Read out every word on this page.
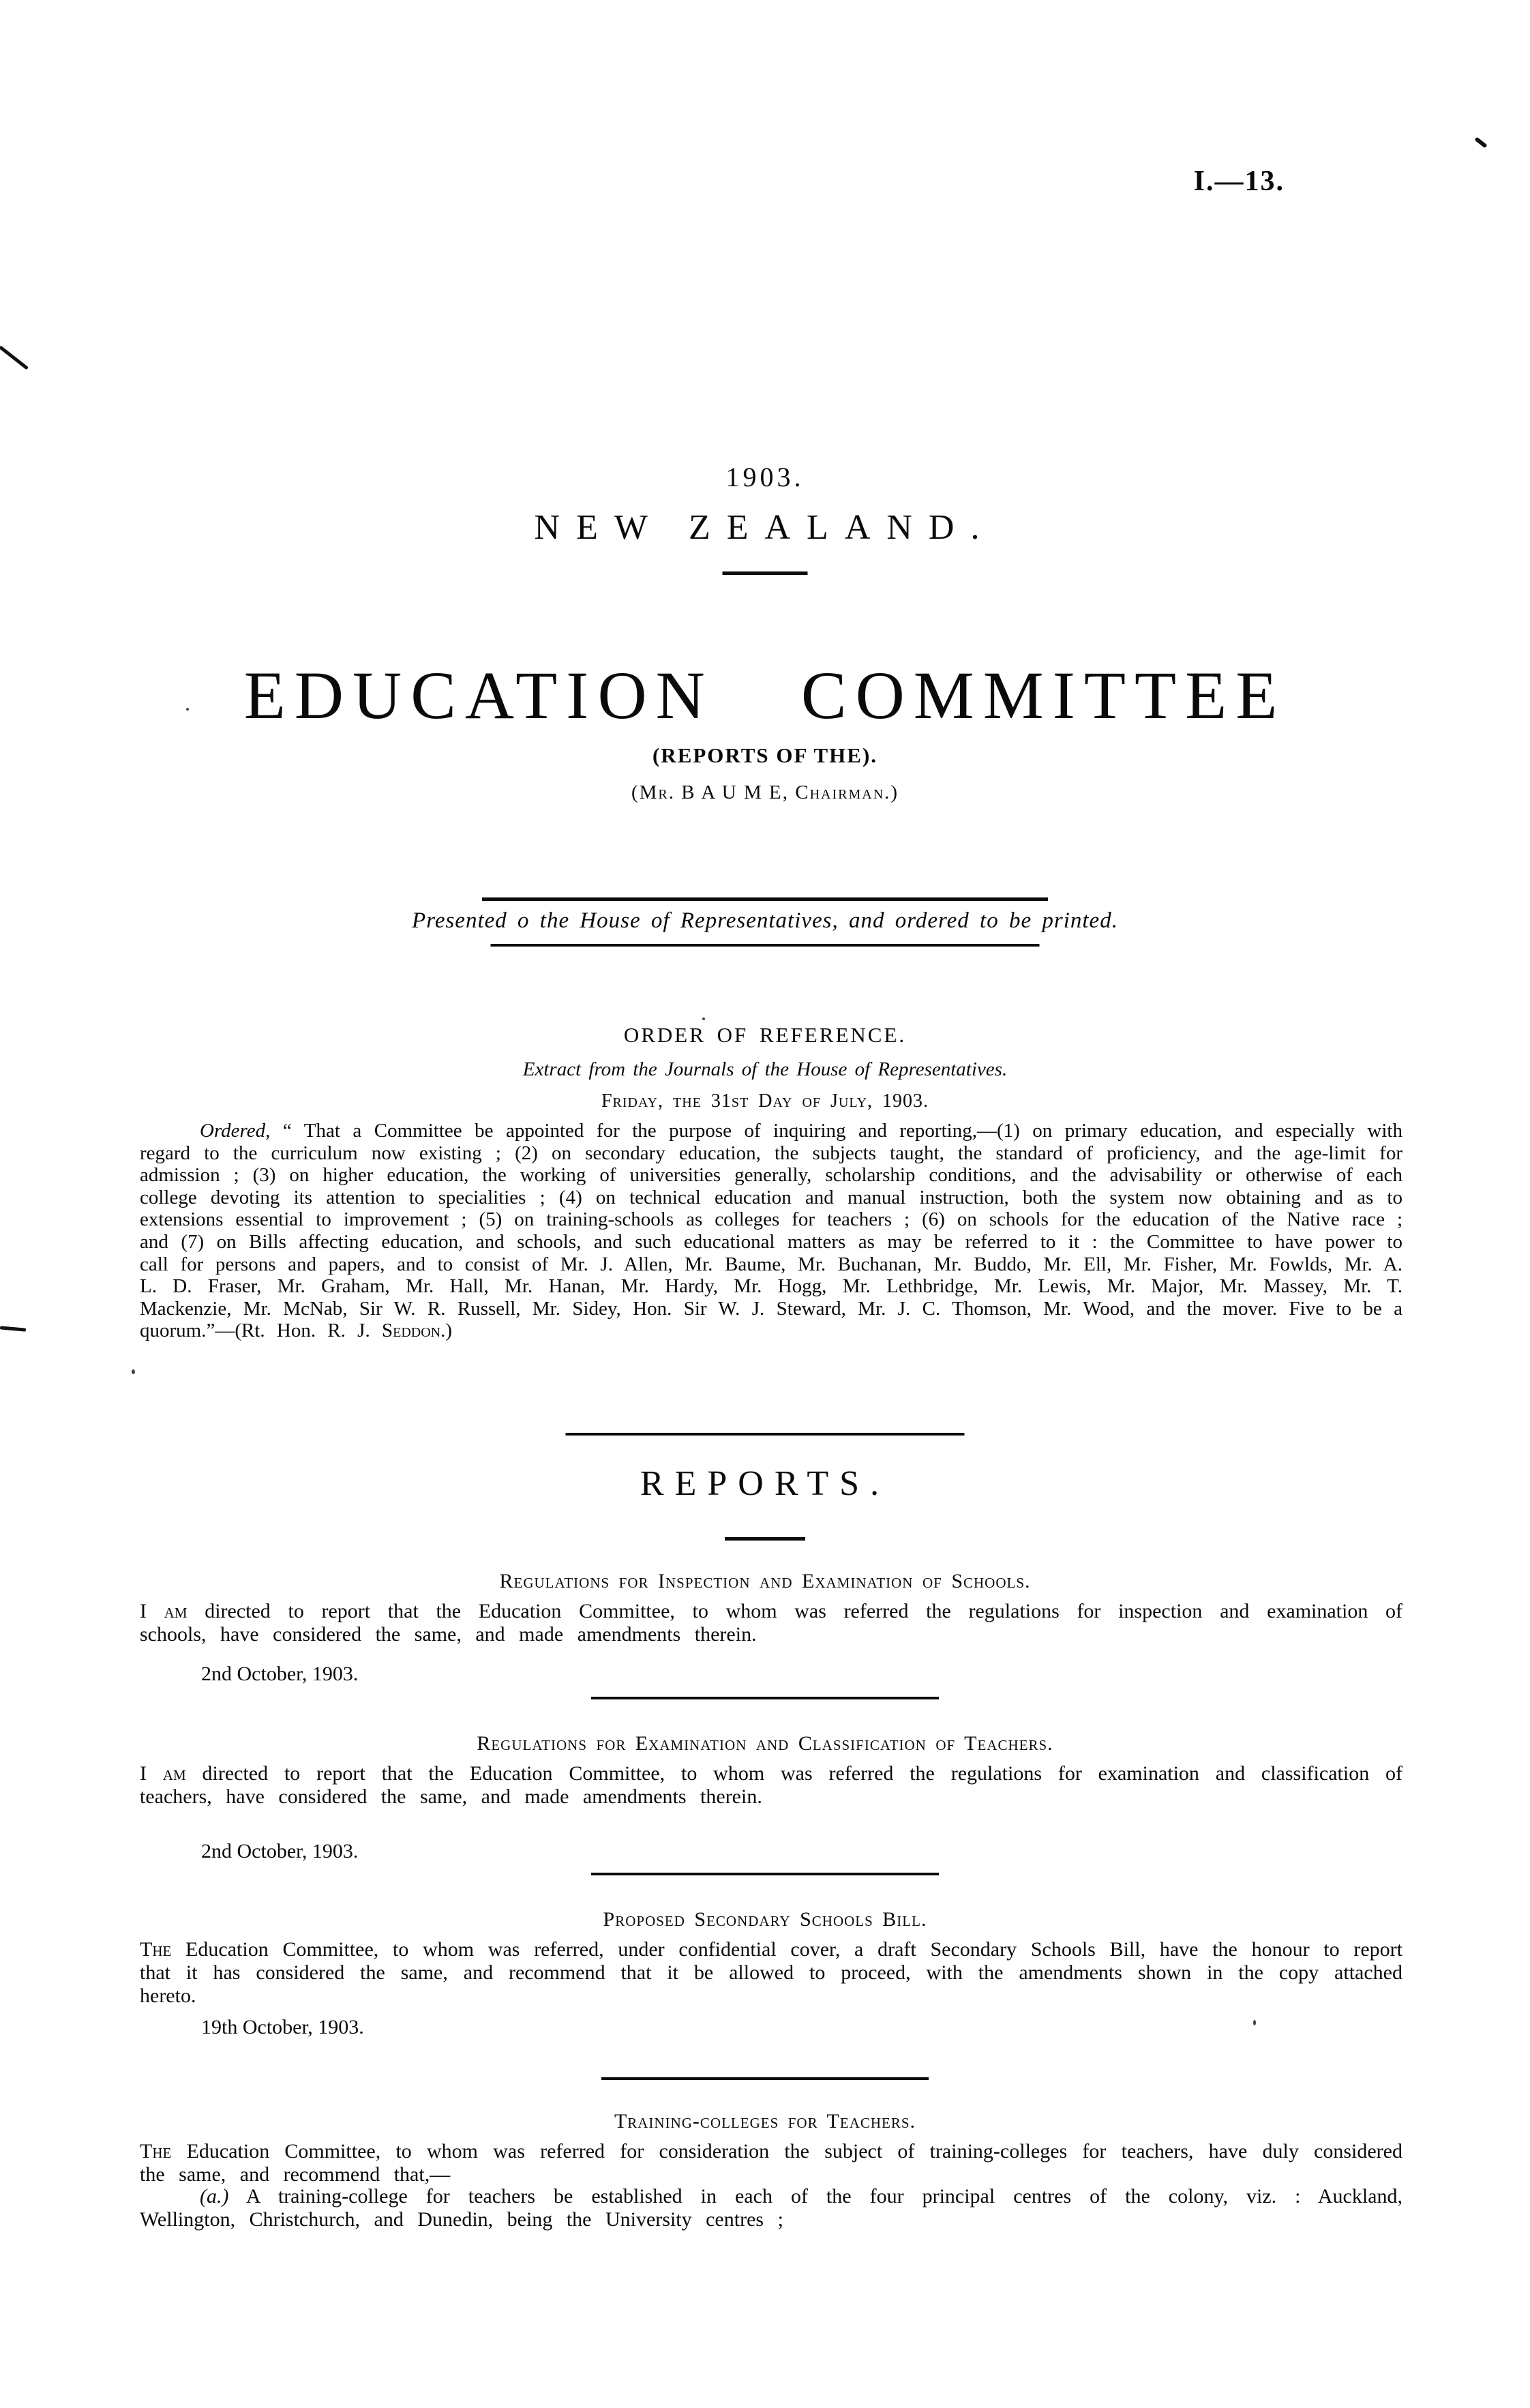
I.—13.
1903.
NEW ZEALAND.
EDUCATION COMMITTEE
(REPORTS OF THE).
(Mr. B A U M E, Chairman.)
Presented o the House of Representatives, and ordered to be printed.
ORDER OF REFERENCE.
Extract from the Journals of the House of Representatives.
Friday, the 31st Day of July, 1903.

Ordered, “ That a Committee be appointed for the purpose of inquiring and reporting,—(1) on primary education, and especially with regard to the curriculum now existing ; (2) on secondary education, the subjects taught, the standard of proficiency, and the age-limit for admission ; (3) on higher education, the working of universities generally, scholarship conditions, and the advisability or otherwise of each college devoting its attention to specialities ; (4) on technical education and manual instruction, both the system now obtaining and as to extensions essential to improvement ; (5) on training-schools as colleges for teachers ; (6) on schools for the education of the Native race ; and (7) on Bills affecting education, and schools, and such educational matters as may be referred to it : the Committee to have power to call for persons and papers, and to consist of Mr. J. Allen, Mr. Baume, Mr. Buchanan, Mr. Buddo, Mr. Ell, Mr. Fisher, Mr. Fowlds, Mr. A. L. D. Fraser, Mr. Graham, Mr. Hall, Mr. Hanan, Mr. Hardy, Mr. Hogg, Mr. Lethbridge, Mr. Lewis, Mr. Major, Mr. Massey, Mr. T. Mackenzie, Mr. McNab, Sir W. R. Russell, Mr. Sidey, Hon. Sir W. J. Steward, Mr. J. C. Thomson, Mr. Wood, and the mover. Five to be a quorum.”—(Rt. Hon. R. J. Seddon.)

REPORTS.
Regulations for Inspection and Examination of Schools.

I am directed to report that the Education Committee, to whom was referred the regulations for inspection and examination of schools, have considered the same, and made amendments therein.

2nd October, 1903.

Regulations for Examination and Classification of Teachers.

I am directed to report that the Education Committee, to whom was referred the regulations for examination and classification of teachers, have considered the same, and made amendments therein.

2nd October, 1903.

Proposed Secondary Schools Bill.

The Education Committee, to whom was referred, under confidential cover, a draft Secondary Schools Bill, have the honour to report that it has considered the same, and recommend that it be allowed to proceed, with the amendments shown in the copy attached hereto.

19th October, 1903.

Training-colleges for Teachers.

The Education Committee, to whom was referred for consideration the subject of training-colleges for teachers, have duly considered the same, and recommend that,—

(a.) A training-college for teachers be established in each of the four principal centres of the colony, viz. : Auckland, Wellington, Christchurch, and Dunedin, being the University centres ;
